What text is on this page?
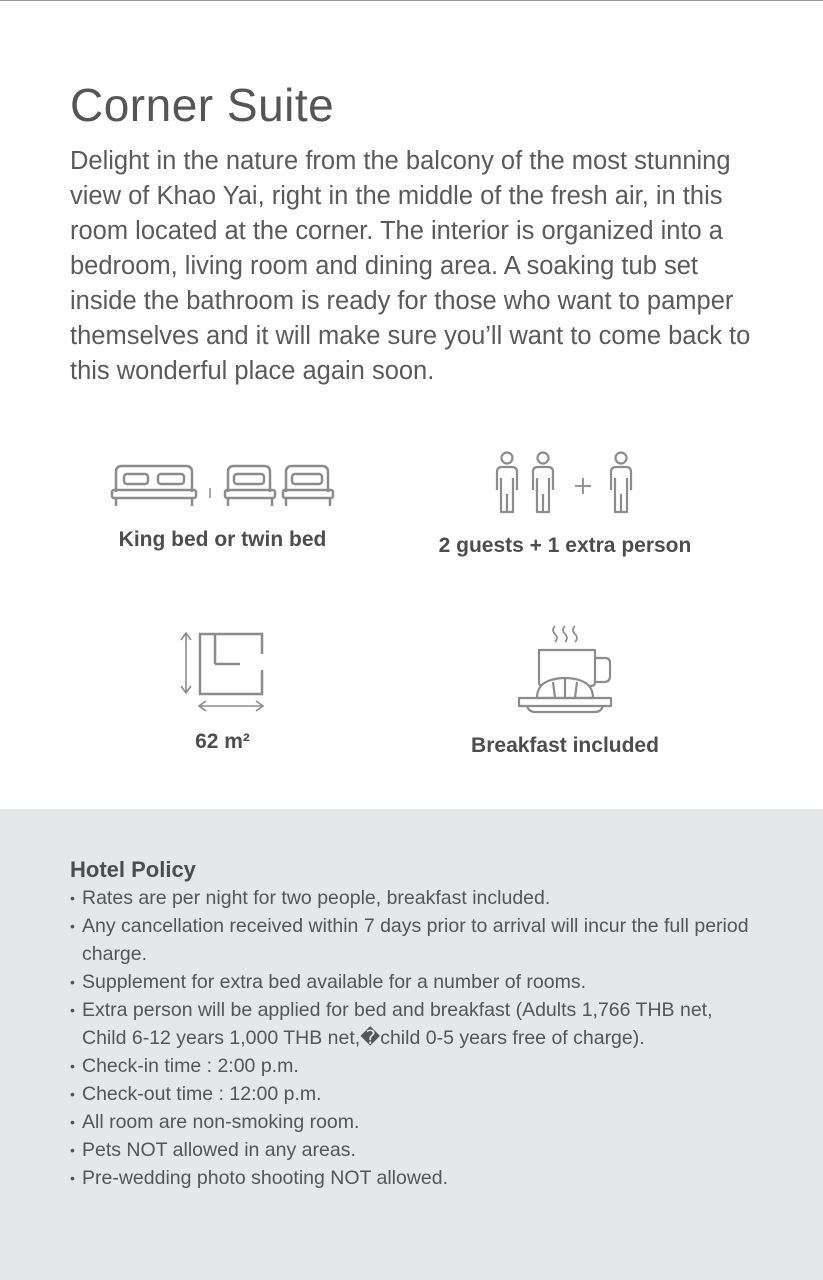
Corner Suite

Delight in the nature from the balcony of the most stunning view of Khao Yai, right in the middle of the fresh air, in this room located at the corner. The interior is organized into a bedroom, living room and dining area. A soaking tub set inside the bathroom is ready for those who want to pamper themselves and it will make sure you’ll want to come back to this wonderful place again soon.

King bed or twin bed	2 guests + 1 extra person
62 m²	Breakfast included
Hotel Policy
• Rates are per night for two people, breakfast included.
• Any cancellation received within 7 days prior to arrival will incur the full period charge.
• Supplement for extra bed available for a number of rooms.
• Extra person will be applied for bed and breakfast (Adults 1,766 THB net, Child 6-12 years 1,000 THB net,�child 0-5 years free of charge).
• Check-in time : 2:00 p.m.
• Check-out time : 12:00 p.m.
• All room are non-smoking room.
• Pets NOT allowed in any areas.
• Pre-wedding photo shooting NOT allowed.
